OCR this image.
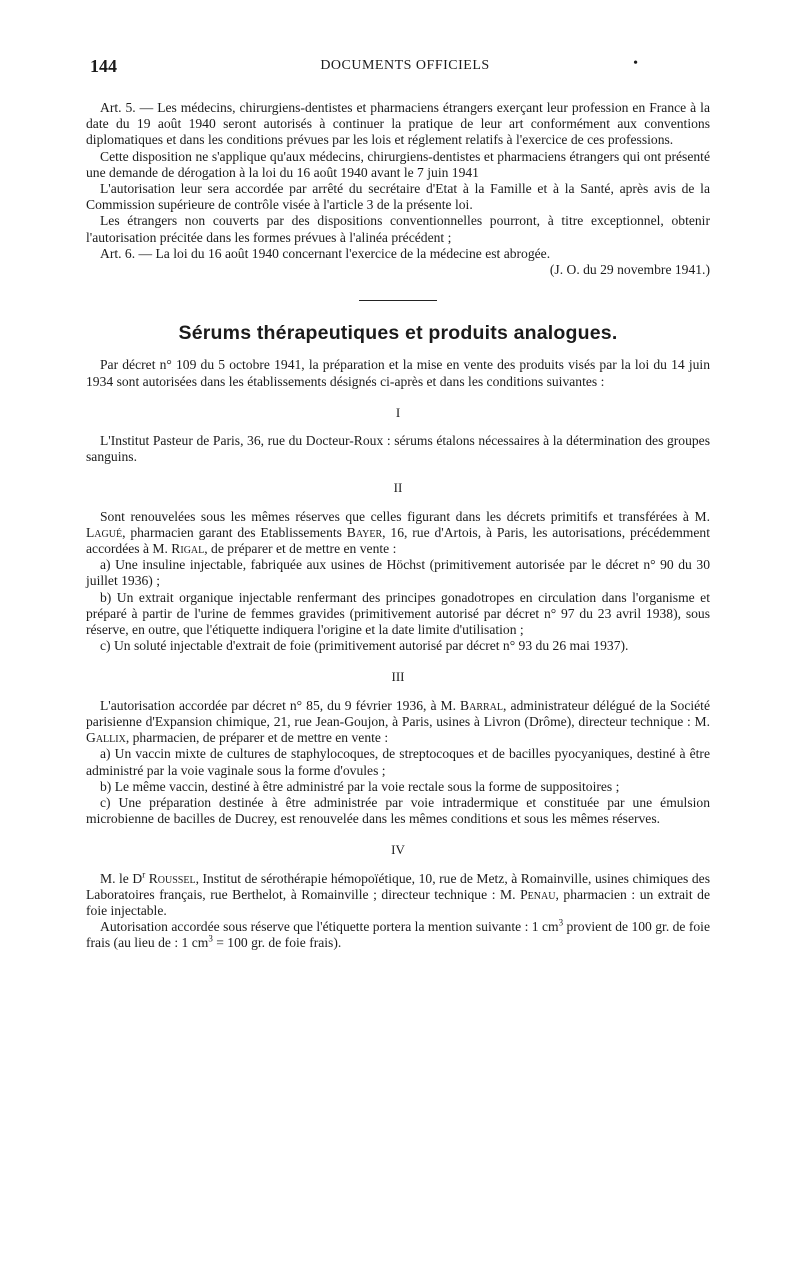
144	DOCUMENTS OFFICIELS	•

Art. 5. — Les médecins, chirurgiens-dentistes et pharmaciens étrangers exerçant leur profession en France à la date du 19 août 1940 seront autorisés à continuer la pratique de leur art conformément aux conventions diplomatiques et dans les conditions prévues par les lois et réglement relatifs à l'exercice de ces professions.

Cette disposition ne s'applique qu'aux médecins, chirurgiens-dentistes et pharmaciens étrangers qui ont présenté une demande de dérogation à la loi du 16 août 1940 avant le 7 juin 1941

L'autorisation leur sera accordée par arrêté du secrétaire d'Etat à la Famille et à la Santé, après avis de la Commission supérieure de contrôle visée à l'article 3 de la présente loi.

Les étrangers non couverts par des dispositions conventionnelles pourront, à titre exceptionnel, obtenir l'autorisation précitée dans les formes prévues à l'alinéa précédent ;

Art. 6. — La loi du 16 août 1940 concernant l'exercice de la médecine est abrogée.

(J. O. du 29 novembre 1941.)
Sérums thérapeutiques et produits analogues.

Par décret n° 109 du 5 octobre 1941, la préparation et la mise en vente des produits visés par la loi du 14 juin 1934 sont autorisées dans les établissements désignés ci-après et dans les conditions suivantes :

I

L'Institut Pasteur de Paris, 36, rue du Docteur-Roux : sérums étalons nécessaires à la détermination des groupes sanguins.

II

Sont renouvelées sous les mêmes réserves que celles figurant dans les décrets primitifs et transférées à M. Lagué, pharmacien garant des Etablissements Bayer, 16, rue d'Artois, à Paris, les autorisations, précédemment accordées à M. Rigal, de préparer et de mettre en vente :

a) Une insuline injectable, fabriquée aux usines de Höchst (primitivement autorisée par le décret n° 90 du 30 juillet 1936) ;

b) Un extrait organique injectable renfermant des principes gonadotropes en circulation dans l'organisme et préparé à partir de l'urine de femmes gravides (primitivement autorisé par décret n° 97 du 23 avril 1938), sous réserve, en outre, que l'étiquette indiquera l'origine et la date limite d'utilisation ;

c) Un soluté injectable d'extrait de foie (primitivement autorisé par décret n° 93 du 26 mai 1937).

III

L'autorisation accordée par décret n° 85, du 9 février 1936, à M. Barral, administrateur délégué de la Société parisienne d'Expansion chimique, 21, rue Jean-Goujon, à Paris, usines à Livron (Drôme), directeur technique : M. Gallix, pharmacien, de préparer et de mettre en vente :

a) Un vaccin mixte de cultures de staphylocoques, de streptocoques et de bacilles pyocyaniques, destiné à être administré par la voie vaginale sous la forme d'ovules ;

b) Le même vaccin, destiné à être administré par la voie rectale sous la forme de suppositoires ;

c) Une préparation destinée à être administrée par voie intradermique et constituée par une émulsion microbienne de bacilles de Ducrey, est renouvelée dans les mêmes conditions et sous les mêmes réserves.

IV

M. le $D^r$ Roussel, Institut de sérothérapie hémopoïétique, 10, rue de Metz, à Romainville, usines chimiques des Laboratoires français, rue Berthelot, à Romainville ; directeur technique : M. Penau, pharmacien : un extrait de foie injectable.

Autorisation accordée sous réserve que l'étiquette portera la mention suivante : 1 $cm^3$ provient de 100 gr. de foie frais (au lieu de : 1 $cm^3 = 100$ gr. de foie frais).
